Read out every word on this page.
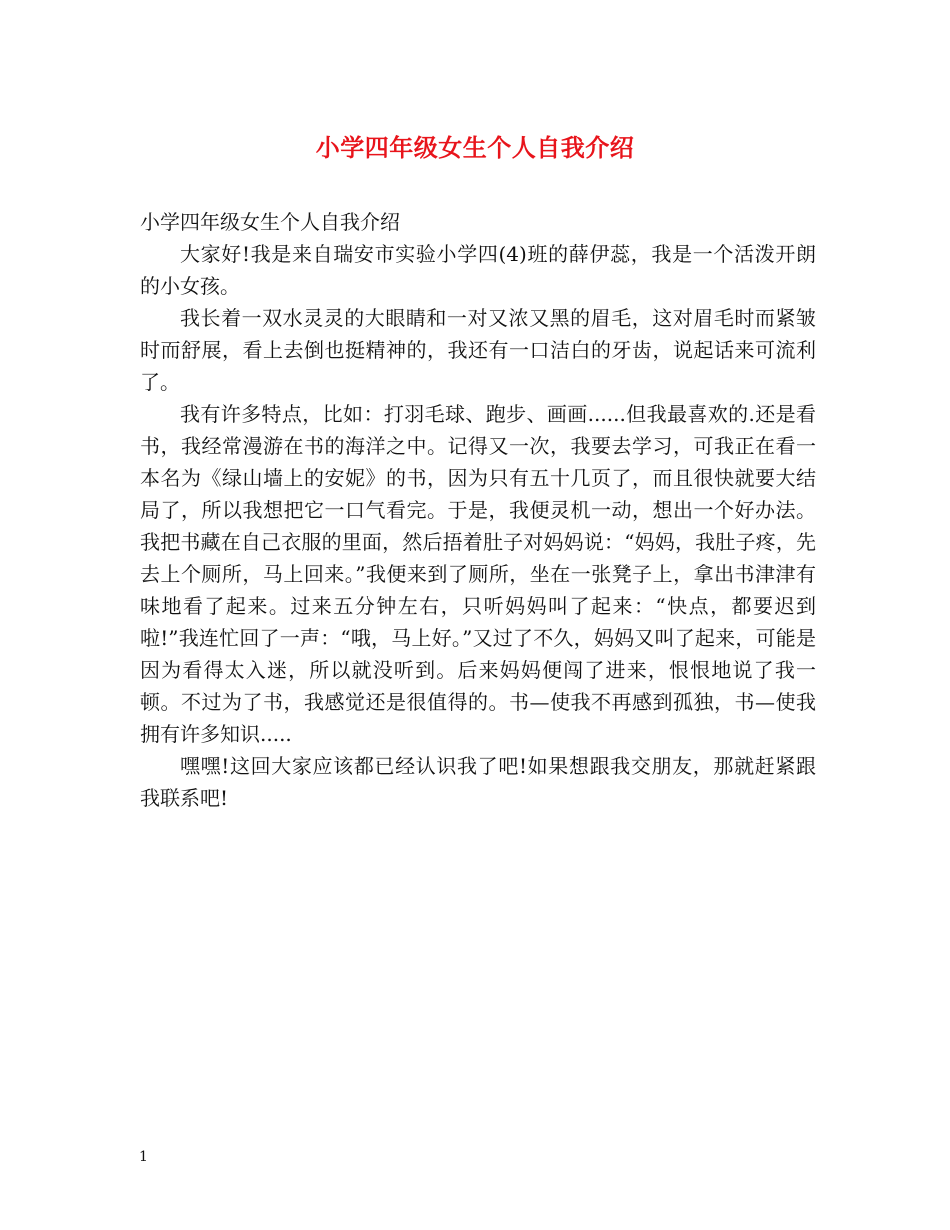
小学四年级女生个人自我介绍

小学四年级女生个人自我介绍

大家好!我是来自瑞安市实验小学四(4)班的薛伊蕊，我是一个活泼开朗的小女孩。

我长着一双水灵灵的大眼睛和一对又浓又黑的眉毛，这对眉毛时而紧皱时而舒展，看上去倒也挺精神的，我还有一口洁白的牙齿，说起话来可流利了。

我有许多特点，比如：打羽毛球、跑步、画画......但我最喜欢的.还是看书，我经常漫游在书的海洋之中。记得又一次，我要去学习，可我正在看一本名为《绿山墙上的安妮》的书，因为只有五十几页了，而且很快就要大结局了，所以我想把它一口气看完。于是，我便灵机一动，想出一个好办法。我把书藏在自己衣服的里面，然后捂着肚子对妈妈说：“妈妈，我肚子疼，先去上个厕所，马上回来。”我便来到了厕所，坐在一张凳子上，拿出书津津有味地看了起来。过来五分钟左右，只听妈妈叫了起来：“快点，都要迟到啦!”我连忙回了一声：“哦，马上好。”又过了不久，妈妈又叫了起来，可能是因为看得太入迷，所以就没听到。后来妈妈便闯了进来，恨恨地说了我一顿。不过为了书，我感觉还是很值得的。书—使我不再感到孤独，书—使我拥有许多知识.....

嘿嘿!这回大家应该都已经认识我了吧!如果想跟我交朋友，那就赶紧跟我联系吧!

1
